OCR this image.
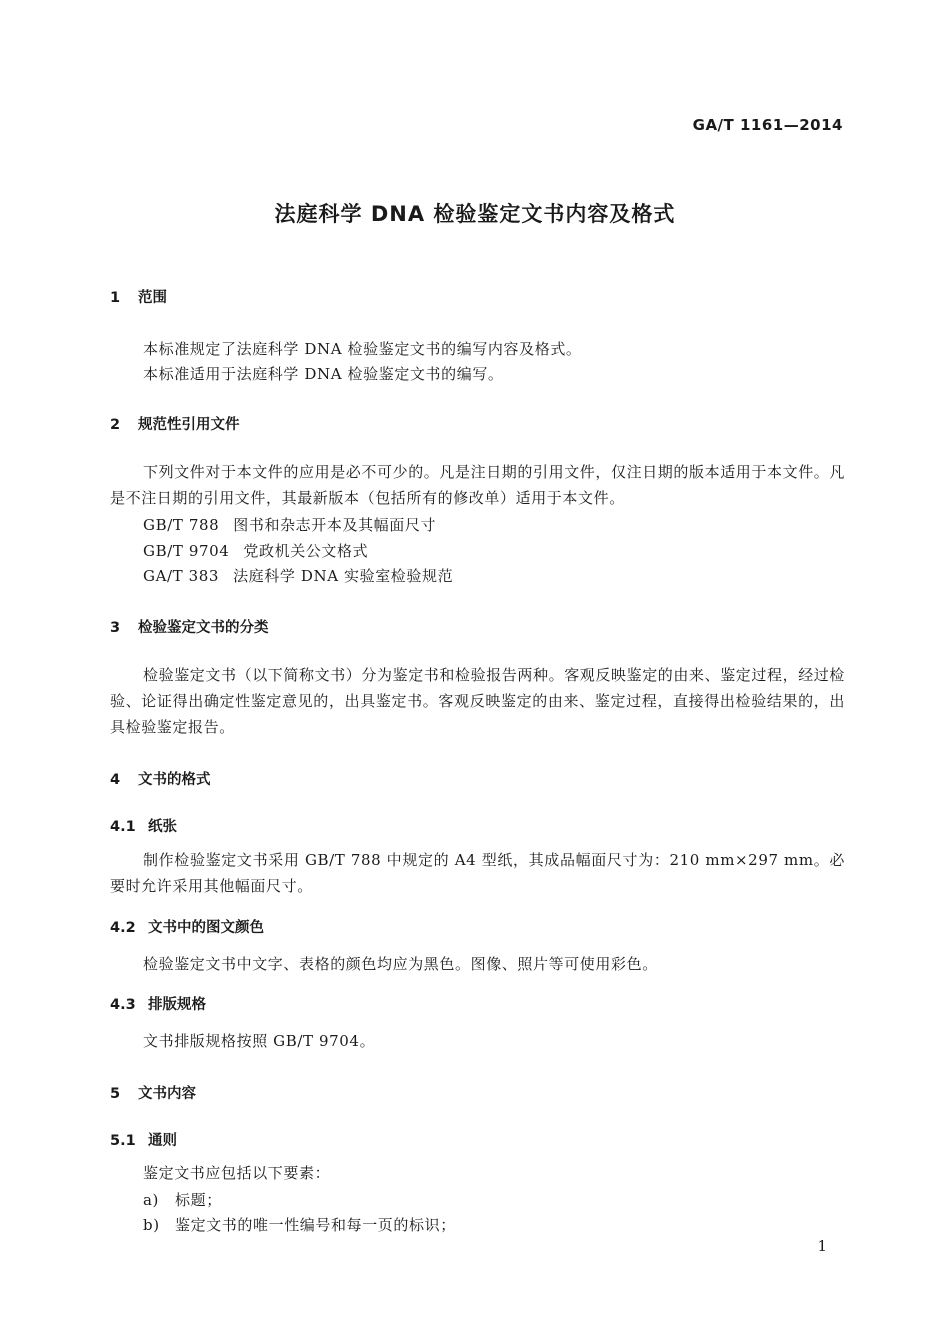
GA/T 1161—2014
法庭科学 DNA 检验鉴定文书内容及格式
1 范围
本标准规定了法庭科学 DNA 检验鉴定文书的编写内容及格式。
本标准适用于法庭科学 DNA 检验鉴定文书的编写。
2 规范性引用文件
下列文件对于本文件的应用是必不可少的。凡是注日期的引用文件，仅注日期的版本适用于本文件。凡是不注日期的引用文件，其最新版本（包括所有的修改单）适用于本文件。
GB/T 788 图书和杂志开本及其幅面尺寸
GB/T 9704 党政机关公文格式
GA/T 383 法庭科学 DNA 实验室检验规范
3 检验鉴定文书的分类
检验鉴定文书（以下简称文书）分为鉴定书和检验报告两种。客观反映鉴定的由来、鉴定过程，经过检验、论证得出确定性鉴定意见的，出具鉴定书。客观反映鉴定的由来、鉴定过程，直接得出检验结果的，出具检验鉴定报告。
4 文书的格式
4.1 纸张
制作检验鉴定文书采用 GB/T 788 中规定的 A4 型纸，其成品幅面尺寸为：210 mm×297 mm。必要时允许采用其他幅面尺寸。
4.2 文书中的图文颜色
检验鉴定文书中文字、表格的颜色均应为黑色。图像、照片等可使用彩色。
4.3 排版规格
文书排版规格按照 GB/T 9704。
5 文书内容
5.1 通则
鉴定文书应包括以下要素：
a) 标题；
b) 鉴定文书的唯一性编号和每一页的标识；
1
